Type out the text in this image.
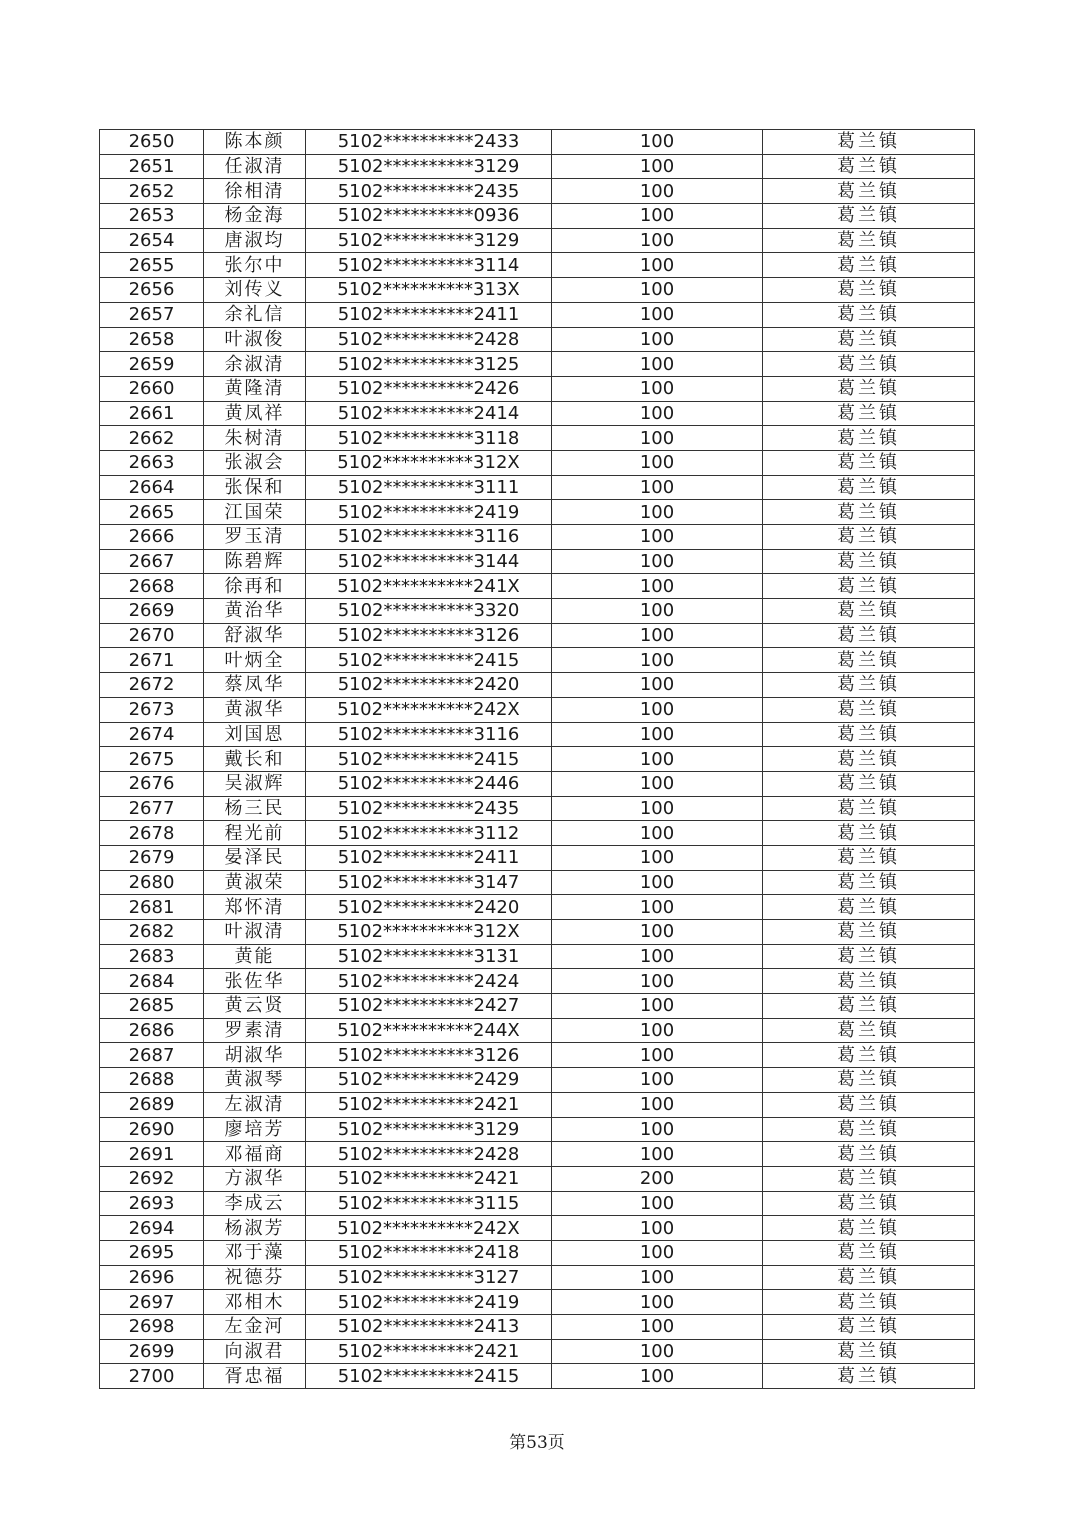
2650	陈本颜	5102**********2433	100	葛兰镇
2651	任淑清	5102**********3129	100	葛兰镇
2652	徐相清	5102**********2435	100	葛兰镇
2653	杨金海	5102**********0936	100	葛兰镇
2654	唐淑均	5102**********3129	100	葛兰镇
2655	张尔中	5102**********3114	100	葛兰镇
2656	刘传义	5102**********313X	100	葛兰镇
2657	余礼信	5102**********2411	100	葛兰镇
2658	叶淑俊	5102**********2428	100	葛兰镇
2659	余淑清	5102**********3125	100	葛兰镇
2660	黄隆清	5102**********2426	100	葛兰镇
2661	黄凤祥	5102**********2414	100	葛兰镇
2662	朱树清	5102**********3118	100	葛兰镇
2663	张淑会	5102**********312X	100	葛兰镇
2664	张保和	5102**********3111	100	葛兰镇
2665	江国荣	5102**********2419	100	葛兰镇
2666	罗玉清	5102**********3116	100	葛兰镇
2667	陈碧辉	5102**********3144	100	葛兰镇
2668	徐再和	5102**********241X	100	葛兰镇
2669	黄治华	5102**********3320	100	葛兰镇
2670	舒淑华	5102**********3126	100	葛兰镇
2671	叶炳全	5102**********2415	100	葛兰镇
2672	蔡凤华	5102**********2420	100	葛兰镇
2673	黄淑华	5102**********242X	100	葛兰镇
2674	刘国恩	5102**********3116	100	葛兰镇
2675	戴长和	5102**********2415	100	葛兰镇
2676	吴淑辉	5102**********2446	100	葛兰镇
2677	杨三民	5102**********2435	100	葛兰镇
2678	程光前	5102**********3112	100	葛兰镇
2679	晏泽民	5102**********2411	100	葛兰镇
2680	黄淑荣	5102**********3147	100	葛兰镇
2681	郑怀清	5102**********2420	100	葛兰镇
2682	叶淑清	5102**********312X	100	葛兰镇
2683	黄能	5102**********3131	100	葛兰镇
2684	张佐华	5102**********2424	100	葛兰镇
2685	黄云贤	5102**********2427	100	葛兰镇
2686	罗素清	5102**********244X	100	葛兰镇
2687	胡淑华	5102**********3126	100	葛兰镇
2688	黄淑琴	5102**********2429	100	葛兰镇
2689	左淑清	5102**********2421	100	葛兰镇
2690	廖培芳	5102**********3129	100	葛兰镇
2691	邓福商	5102**********2428	100	葛兰镇
2692	方淑华	5102**********2421	200	葛兰镇
2693	李成云	5102**********3115	100	葛兰镇
2694	杨淑芳	5102**********242X	100	葛兰镇
2695	邓于藻	5102**********2418	100	葛兰镇
2696	祝德芬	5102**********3127	100	葛兰镇
2697	邓相木	5102**********2419	100	葛兰镇
2698	左金河	5102**********2413	100	葛兰镇
2699	向淑君	5102**********2421	100	葛兰镇
2700	胥忠福	5102**********2415	100	葛兰镇
第53页
